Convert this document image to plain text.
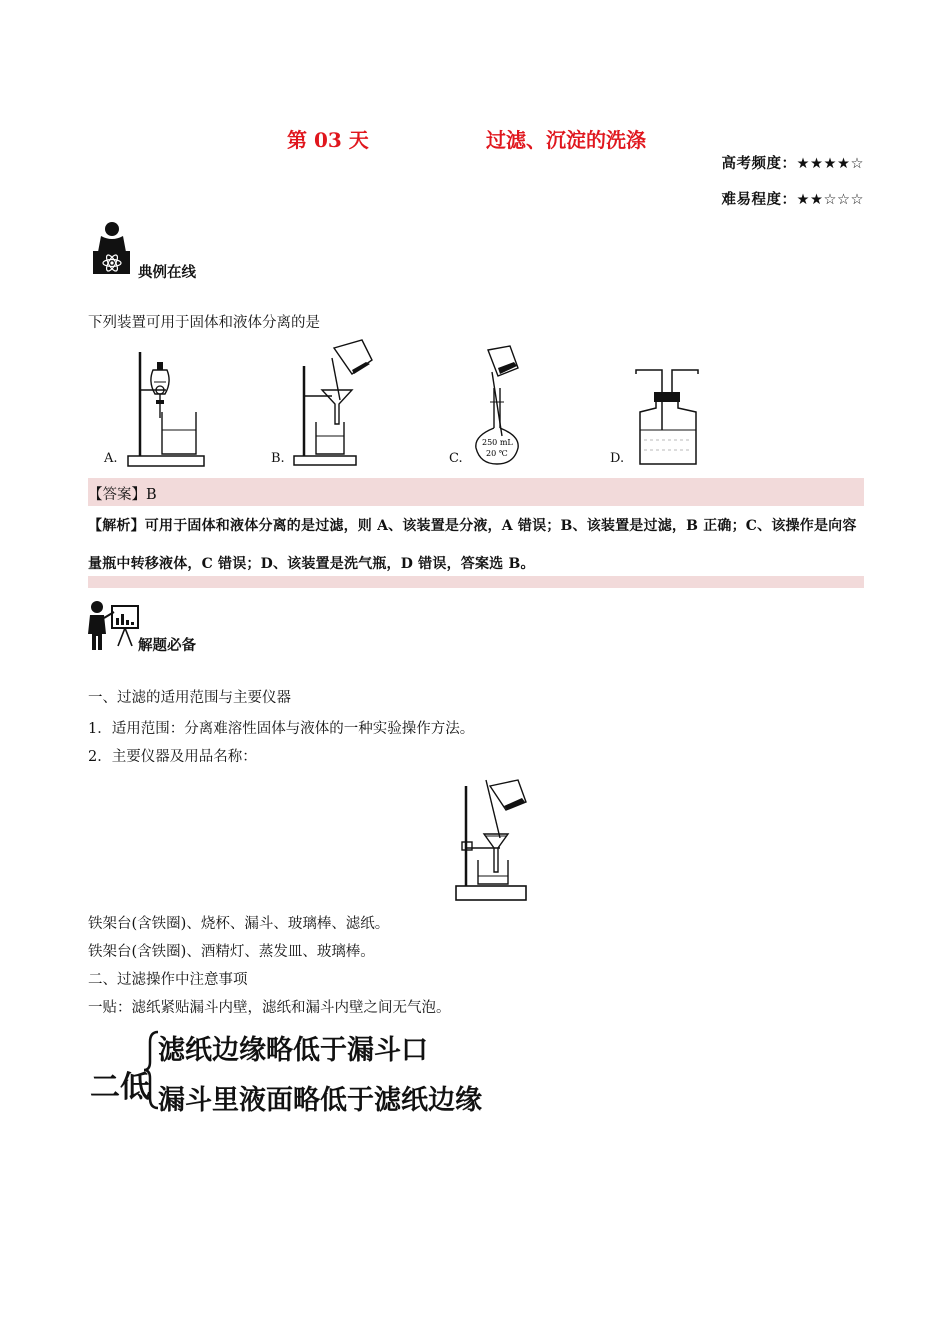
第 03 天	过滤、沉淀的洗涤
高考频度：★★★★☆
难易程度：★★☆☆☆
典例在线
下列装置可用于固体和液体分离的是
A.	B.
250 mL
20 ℃
C.	D.
【答案】B
【解析】可用于固体和液体分离的是过滤，则 A、该装置是分液，A 错误；B、该装置是过滤，B 正确；C、该操作是向容量瓶中转移液体，C 错误；D、该装置是洗气瓶，D 错误，答案选 B。
解题必备
一、过滤的适用范围与主要仪器
1．适用范围：分离难溶性固体与液体的一种实验操作方法。
2．主要仪器及用品名称：
铁架台(含铁圈)、烧杯、漏斗、玻璃棒、滤纸。
铁架台(含铁圈)、酒精灯、蒸发皿、玻璃棒。
二、过滤操作中注意事项
一贴：滤纸紧贴漏斗内壁，滤纸和漏斗内壁之间无气泡。
二低
滤纸边缘略低于漏斗口
漏斗里液面略低于滤纸边缘
